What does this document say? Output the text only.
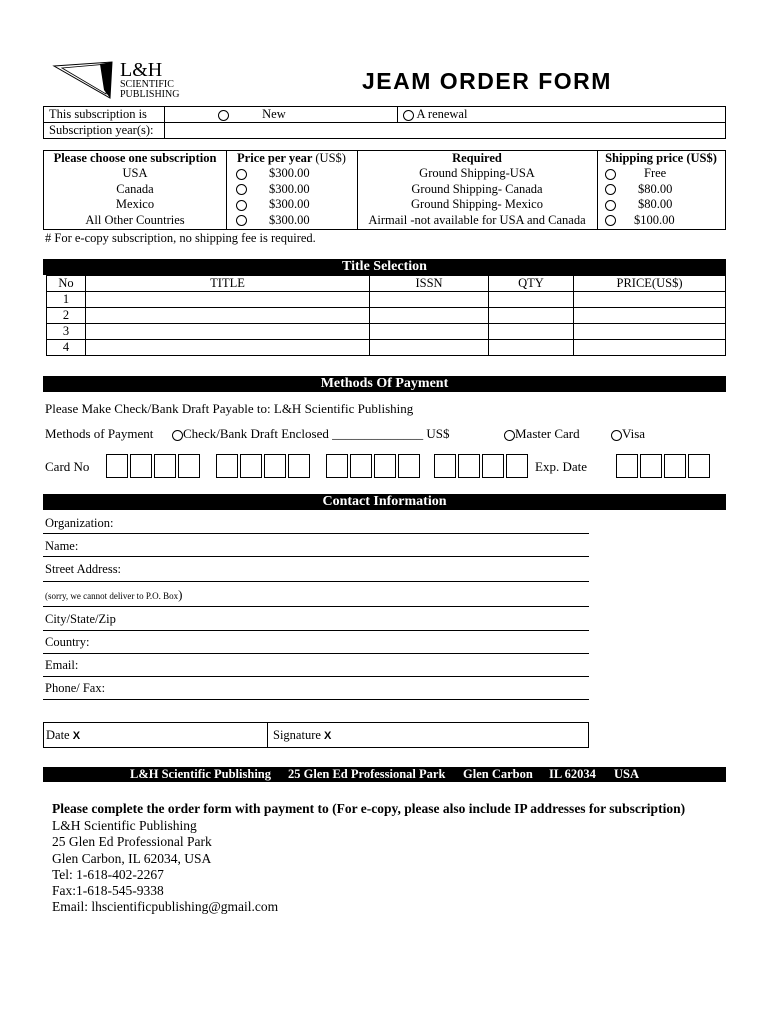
L&H
SCIENTIFIC
PUBLISHING
JEAM ORDER FORM
This subscription is	New	A renewal
Subscription year(s):		
Please choose one subscription	Price per year (US$)	Required	Shipping price (US$)
USA	$300.00	Ground Shipping-USA	Free
Canada	$300.00	Ground Shipping- Canada	$80.00
Mexico	$300.00	Ground Shipping- Mexico	$80.00
All Other Countries	$300.00	Airmail -not available for USA and Canada	$100.00
# For e-copy subscription, no shipping fee is required.
Title Selection
No	TITLE	ISSN	QTY	PRICE(US$)
1				
2				
3				
4				
Methods Of Payment
Please Make Check/Bank Draft Payable to: L&H Scientific Publishing
Methods of Payment	Check/Bank Draft Enclosed ______________ US$	Master Card	Visa
Card No	Exp. Date
Contact Information
Organization:
Name:
Street Address:
(sorry, we cannot deliver to P.O. Box)
City/State/Zip
Country:
Email:
Phone/ Fax:
Date X	Signature X
L&H Scientific Publishing 25 Glen Ed Professional Park Glen Carbon IL 62034 USA
Please complete the order form with payment to (For e-copy, please also include IP addresses for subscription)
L&H Scientific Publishing
25 Glen Ed Professional Park
Glen Carbon, IL 62034, USA
Tel: 1-618-402-2267
Fax:1-618-545-9338
Email: lhscientificpublishing@gmail.com
